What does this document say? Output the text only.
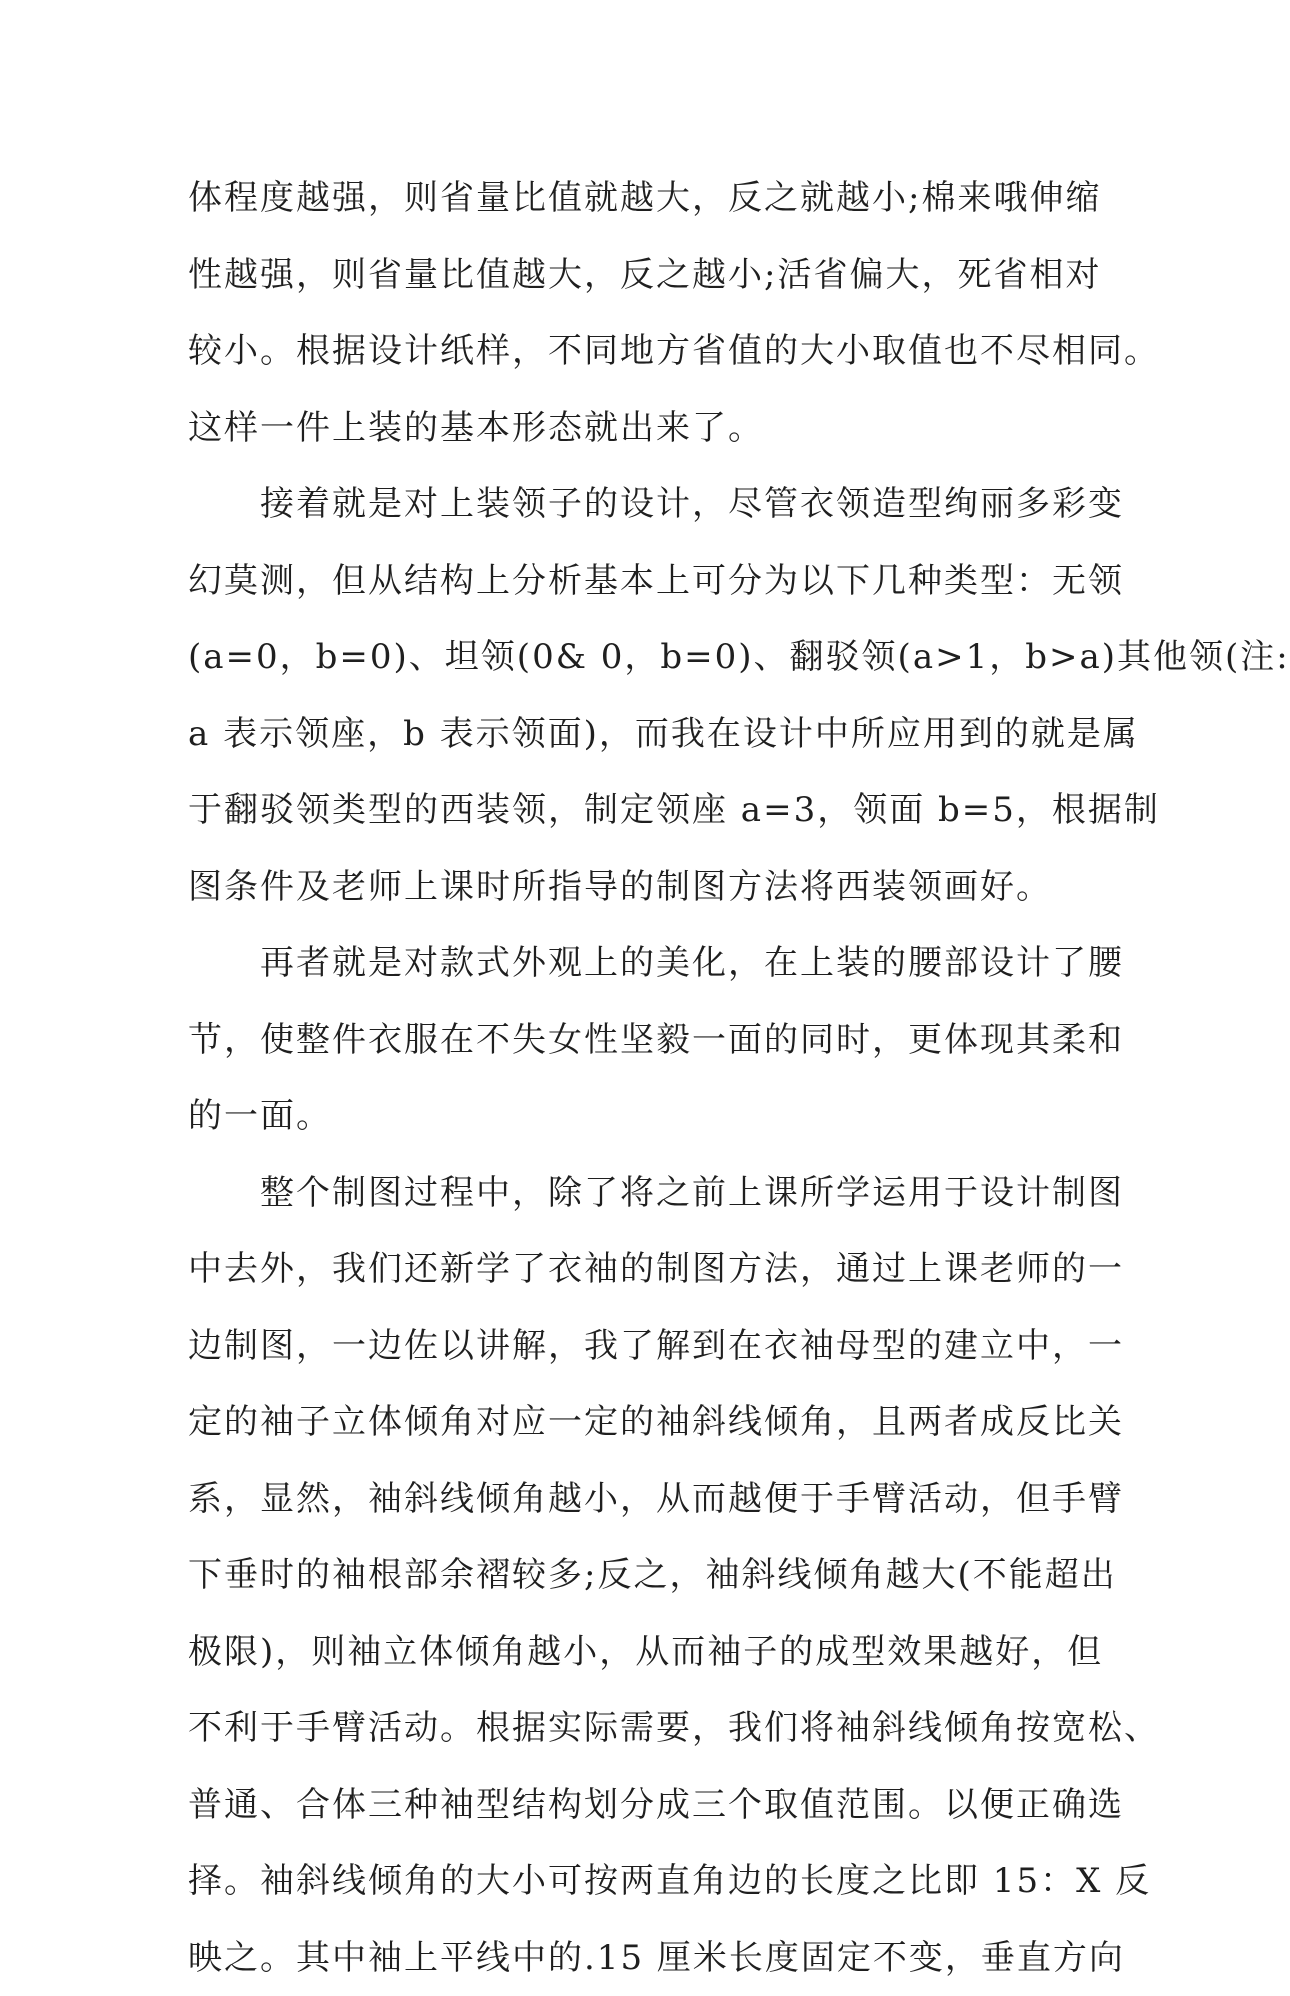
体程度越强，则省量比值就越大，反之就越小;棉来哦伸缩
性越强，则省量比值越大，反之越小;活省偏大，死省相对
较小。根据设计纸样，不同地方省值的大小取值也不尽相同。
这样一件上装的基本形态就出来了。
　　接着就是对上装领子的设计，尽管衣领造型绚丽多彩变
幻莫测，但从结构上分析基本上可分为以下几种类型：无领
(a=0，b=0)、坦领(0& 0，b=0)、翻驳领(a>1，b>a)其他领(注:
a 表示领座，b 表示领面)，而我在设计中所应用到的就是属
于翻驳领类型的西装领，制定领座 a=3，领面 b=5，根据制
图条件及老师上课时所指导的制图方法将西装领画好。
　　再者就是对款式外观上的美化，在上装的腰部设计了腰
节，使整件衣服在不失女性坚毅一面的同时，更体现其柔和
的一面。
　　整个制图过程中，除了将之前上课所学运用于设计制图
中去外，我们还新学了衣袖的制图方法，通过上课老师的一
边制图，一边佐以讲解，我了解到在衣袖母型的建立中，一
定的袖子立体倾角对应一定的袖斜线倾角，且两者成反比关
系，显然，袖斜线倾角越小，从而越便于手臂活动，但手臂
下垂时的袖根部余褶较多;反之，袖斜线倾角越大(不能超出
极限)，则袖立体倾角越小，从而袖子的成型效果越好，但
不利于手臂活动。根据实际需要，我们将袖斜线倾角按宽松、
普通、合体三种袖型结构划分成三个取值范围。以便正确选
择。袖斜线倾角的大小可按两直角边的长度之比即 15：X 反
映之。其中袖上平线中的.15 厘米长度固定不变，垂直方向
